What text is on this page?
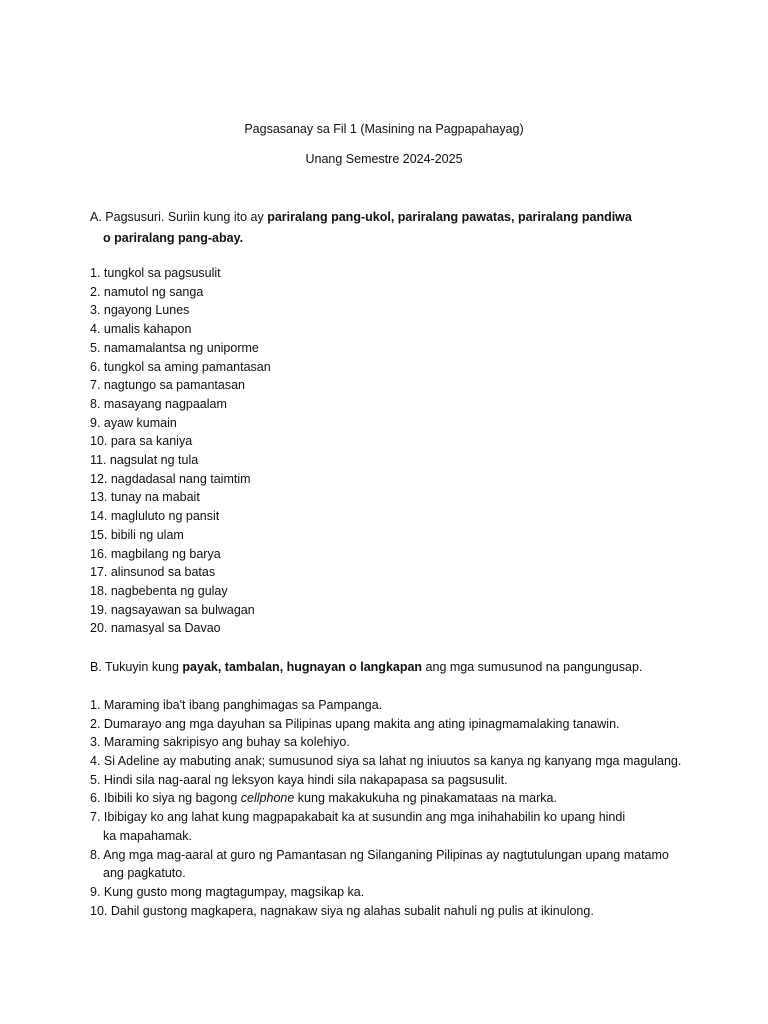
Pagsasanay sa Fil 1 (Masining na Pagpapahayag)
Unang Semestre 2024-2025
A. Pagsusuri. Suriin kung ito ay pariralang pang-ukol, pariralang pawatas, pariralang pandiwa
o pariralang pang-abay.
1. tungkol sa pagsusulit
2. namutol ng sanga
3. ngayong Lunes
4. umalis kahapon
5. namamalantsa ng uniporme
6. tungkol sa aming pamantasan
7. nagtungo sa pamantasan
8. masayang nagpaalam
9. ayaw kumain
10. para sa kaniya
11. nagsulat ng tula
12. nagdadasal nang taimtim
13. tunay na mabait
14. magluluto ng pansit
15. bibili ng ulam
16. magbilang ng barya
17. alinsunod sa batas
18. nagbebenta ng gulay
19. nagsayawan sa bulwagan
20. namasyal sa Davao
B. Tukuyin kung payak, tambalan, hugnayan o langkapan ang mga sumusunod na pangungusap.
1. Maraming iba't ibang panghimagas sa Pampanga.
2. Dumarayo ang mga dayuhan sa Pilipinas upang makita ang ating ipinagmamalaking tanawin.
3. Maraming sakripisyo ang buhay sa kolehiyo.
4. Si Adeline ay mabuting anak; sumusunod siya sa lahat ng iniuutos sa kanya ng kanyang mga magulang.
5. Hindi sila nag-aaral ng leksyon kaya hindi sila nakapapasa sa pagsusulit.
6. Ibibili ko siya ng bagong cellphone kung makakukuha ng pinakamataas na marka.
7. Ibibigay ko ang lahat kung magpapakabait ka at susundin ang mga inihahabilin ko upang hindi
ka mapahamak.
8. Ang mga mag-aaral at guro ng Pamantasan ng Silanganing Pilipinas ay nagtutulungan upang matamo
ang pagkatuto.
9. Kung gusto mong magtagumpay, magsikap ka.
10. Dahil gustong magkapera, nagnakaw siya ng alahas subalit nahuli ng pulis at ikinulong.
